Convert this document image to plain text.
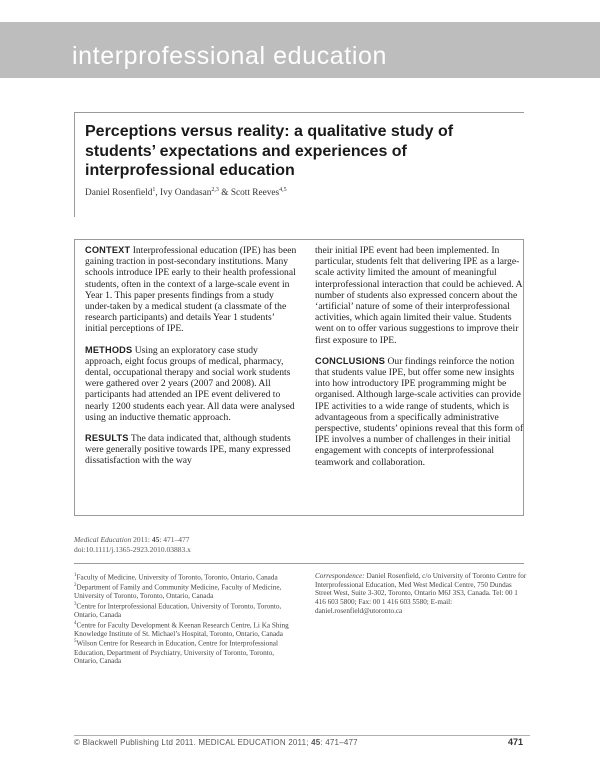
interprofessional education
Perceptions versus reality: a qualitative study of students’ expectations and experiences of interprofessional education
Daniel Rosenfield$^1$, Ivy Oandasan$^{2,3}$ & Scott Reeves$^{4,5}$

CONTEXT Interprofessional education (IPE) has been gaining traction in post-secondary institutions. Many schools introduce IPE early to their health professional students, often in the context of a large-scale event in Year 1. This paper presents findings from a study under-taken by a medical student (a classmate of the research participants) and details Year 1 students’ initial perceptions of IPE.

METHODS Using an exploratory case study approach, eight focus groups of medical, pharmacy, dental, occupational therapy and social work students were gathered over 2 years (2007 and 2008). All participants had attended an IPE event delivered to nearly 1200 students each year. All data were analysed using an inductive thematic approach.

RESULTS The data indicated that, although students were generally positive towards IPE, many expressed dissatisfaction with the way

their initial IPE event had been implemented. In particular, students felt that delivering IPE as a large-scale activity limited the amount of meaningful interprofessional interaction that could be achieved. A number of students also expressed concern about the ‘artificial’ nature of some of their interprofessional activities, which again limited their value. Students went on to offer various suggestions to improve their first exposure to IPE.

CONCLUSIONS Our findings reinforce the notion that students value IPE, but offer some new insights into how introductory IPE programming might be organised. Although large-scale activities can provide IPE activities to a wide range of students, which is advantageous from a specifically administrative perspective, students’ opinions reveal that this form of IPE involves a number of challenges in their initial engagement with concepts of interprofessional teamwork and collaboration.

Medical Education 2011: 45: 471–477
doi:10.1111/j.1365-2923.2010.03883.x
$^1$Faculty of Medicine, University of Toronto, Toronto, Ontario, Canada
$^2$Department of Family and Community Medicine, Faculty of Medicine, University of Toronto, Toronto, Ontario, Canada
$^3$Centre for Interprofessional Education, University of Toronto, Toronto, Ontario, Canada
$^4$Centre for Faculty Development & Keenan Research Centre, Li Ka Shing Knowledge Institute of St. Michael’s Hospital, Toronto, Ontario, Canada
$^5$Wilson Centre for Research in Education, Centre for Interprofessional Education, Department of Psychiatry, University of Toronto, Toronto, Ontario, Canada
Correspondence: Daniel Rosenfield, c/o University of Toronto Centre for Interprofessional Education, Med West Medical Centre, 750 Dundas Street West, Suite 3-302, Toronto, Ontario M6J 3S3, Canada. Tel: 00 1 416 603 5800; Fax: 00 1 416 603 5580; E-mail: daniel.rosenfield@utoronto.ca
© Blackwell Publishing Ltd 2011. MEDICAL EDUCATION 2011; 45: 471–477	471
